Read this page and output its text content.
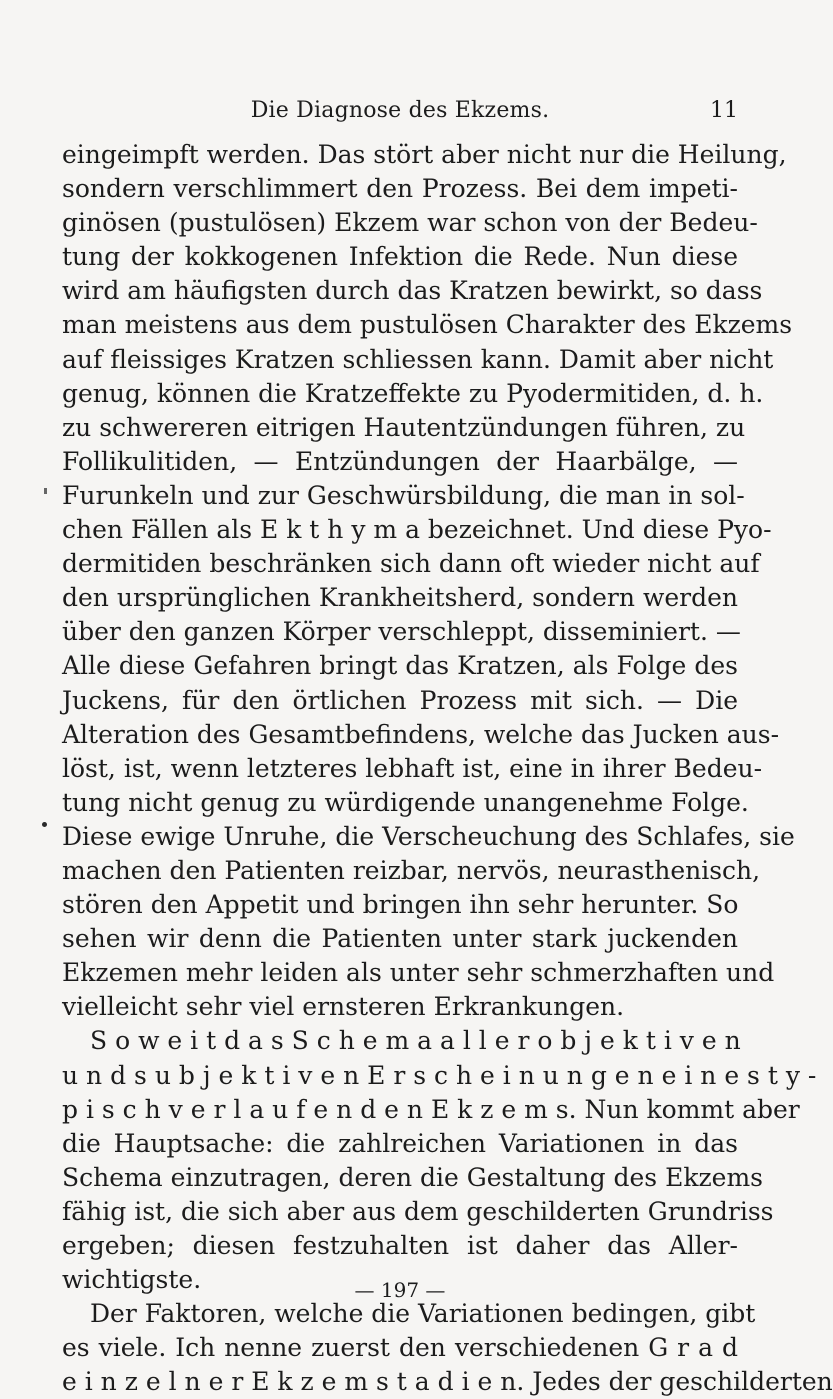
Die Diagnose des Ekzems.	11
eingeimpft werden. Das stört aber nicht nur die Heilung,
sondern verschlimmert den Prozess. Bei dem impeti-
ginösen (pustulösen) Ekzem war schon von der Bedeu-
tung der kokkogenen Infektion die Rede. Nun diese
wird am häufigsten durch das Kratzen bewirkt, so dass
man meistens aus dem pustulösen Charakter des Ekzems
auf fleissiges Kratzen schliessen kann. Damit aber nicht
genug, können die Kratzeffekte zu Pyodermitiden, d. h.
zu schwereren eitrigen Hautentzündungen führen, zu
Follikulitiden, — Entzündungen der Haarbälge, —
Furunkeln und zur Geschwürsbildung, die man in sol-
chen Fällen als E k t h y m a bezeichnet. Und diese Pyo-
dermitiden beschränken sich dann oft wieder nicht auf
den ursprünglichen Krankheitsherd, sondern werden
über den ganzen Körper verschleppt, disseminiert. —
Alle diese Gefahren bringt das Kratzen, als Folge des
Juckens, für den örtlichen Prozess mit sich. — Die
Alteration des Gesamtbefindens, welche das Jucken aus-
löst, ist, wenn letzteres lebhaft ist, eine in ihrer Bedeu-
tung nicht genug zu würdigende unangenehme Folge.
Diese ewige Unruhe, die Verscheuchung des Schlafes, sie
machen den Patienten reizbar, nervös, neurasthenisch,
stören den Appetit und bringen ihn sehr herunter. So
sehen wir denn die Patienten unter stark juckenden
Ekzemen mehr leiden als unter sehr schmerzhaften und
vielleicht sehr viel ernsteren Erkrankungen.
S o w e i t d a s S c h e m a a l l e r o b j e k t i v e n
u n d s u b j e k t i v e n E r s c h e i n u n g e n e i n e s t y -
p i s c h v e r l a u f e n d e n E k z e m s. Nun kommt aber
die Hauptsache: die zahlreichen Variationen in das
Schema einzutragen, deren die Gestaltung des Ekzems
fähig ist, die sich aber aus dem geschilderten Grundriss
ergeben; diesen festzuhalten ist daher das Aller-
wichtigste.
Der Faktoren, welche die Variationen bedingen, gibt
es viele. Ich nenne zuerst den verschiedenen G r a d
e i n z e l n e r E k z e m s t a d i e n. Jedes der geschilderten
— 197 —
